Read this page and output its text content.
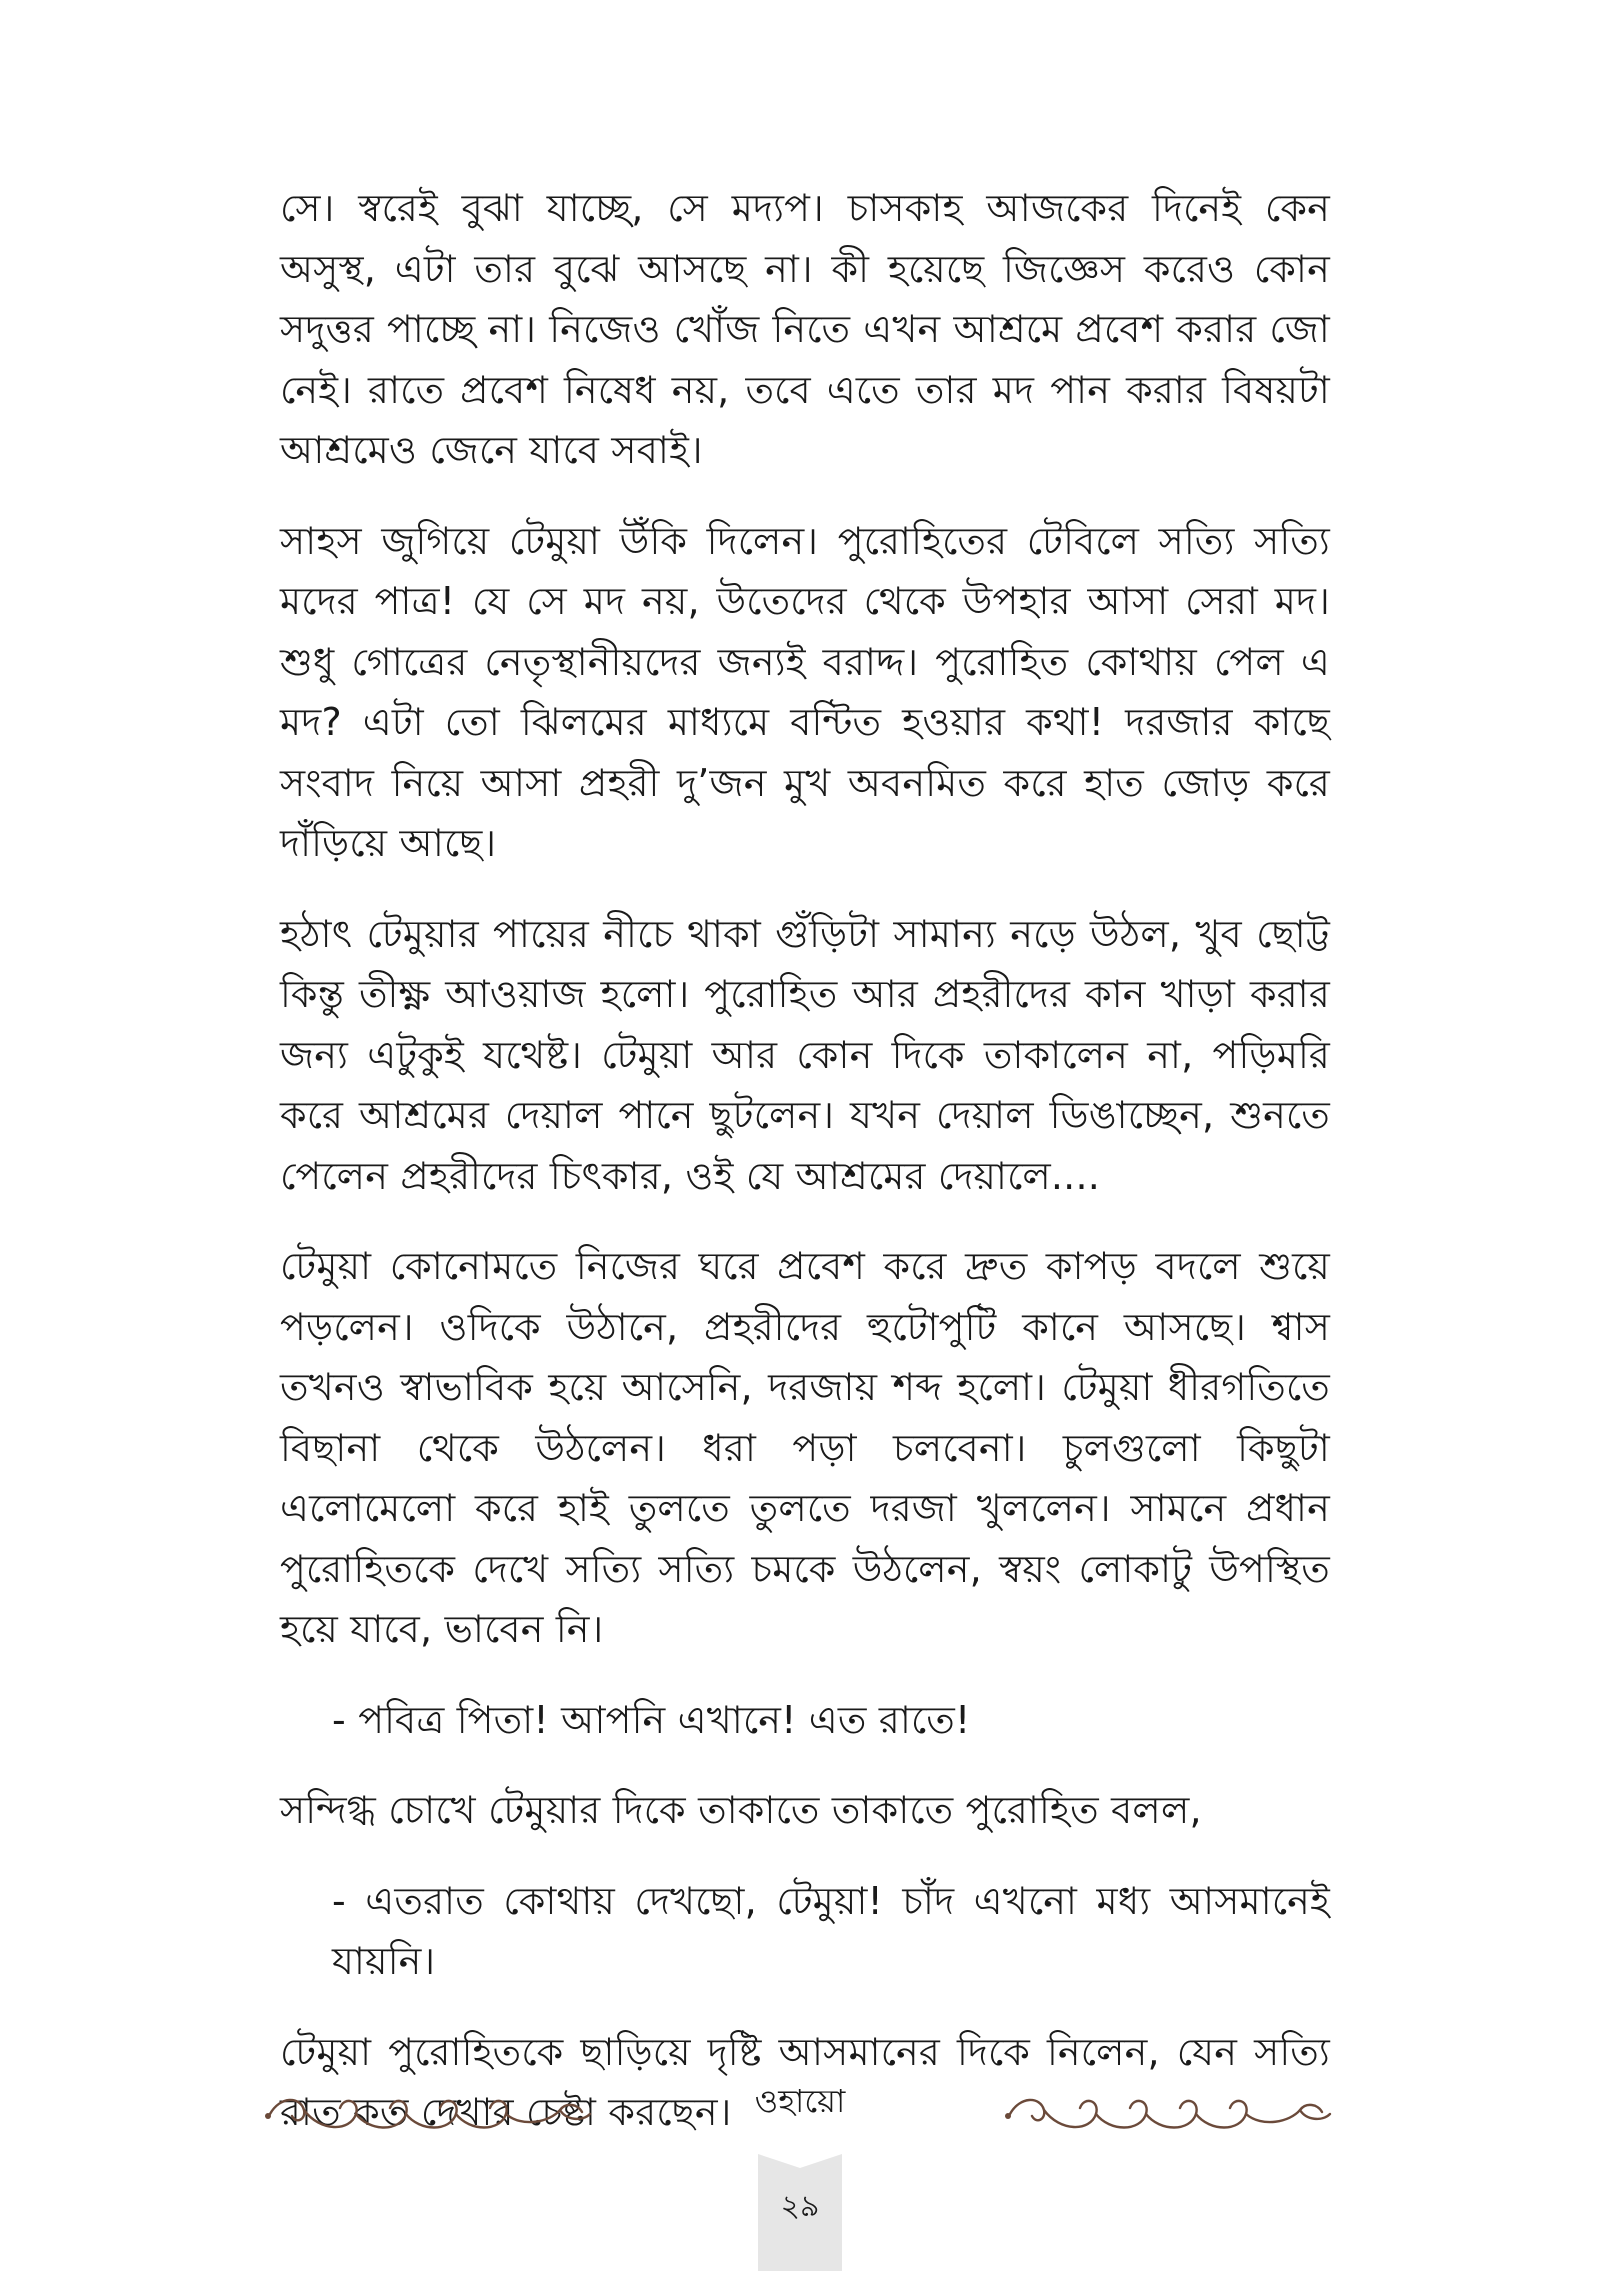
সে। স্বরেই বুঝা যাচ্ছে, সে মদ্যপ। চাসকাহ আজকের দিনেই কেন অসুস্থ, এটা তার বুঝে আসছে না। কী হয়েছে জিজ্ঞেস করেও কোন সদুত্তর পাচ্ছে না। নিজেও খোঁজ নিতে এখন আশ্রমে প্রবেশ করার জো নেই। রাতে প্রবেশ নিষেধ নয়, তবে এতে তার মদ পান করার বিষয়টা আশ্রমেও জেনে যাবে সবাই।

সাহস জুগিয়ে টেমুয়া উঁকি দিলেন। পুরোহিতের টেবিলে সত্যি সত্যি মদের পাত্র! যে সে মদ নয়, উতেদের থেকে উপহার আসা সেরা মদ। শুধু গোত্রের নেতৃস্থানীয়দের জন্যই বরাদ্দ। পুরোহিত কোথায় পেল এ মদ? এটা তো ঝিলমের মাধ্যমে বন্টিত হওয়ার কথা! দরজার কাছে সংবাদ নিয়ে আসা প্রহরী দু’জন মুখ অবনমিত করে হাত জোড় করে দাঁড়িয়ে আছে।

হঠাৎ টেমুয়ার পায়ের নীচে থাকা গুঁড়িটা সামান্য নড়ে উঠল, খুব ছোট্ট কিন্তু তীক্ষ্ণ আওয়াজ হলো। পুরোহিত আর প্রহরীদের কান খাড়া করার জন্য এটুকুই যথেষ্ট। টেমুয়া আর কোন দিকে তাকালেন না, পড়িমরি করে আশ্রমের দেয়াল পানে ছুটলেন। যখন দেয়াল ডিঙাচ্ছেন, শুনতে পেলেন প্রহরীদের চিৎকার, ওই যে আশ্রমের দেয়ালে....

টেমুয়া কোনোমতে নিজের ঘরে প্রবেশ করে দ্রুত কাপড় বদলে শুয়ে পড়লেন। ওদিকে উঠানে, প্রহরীদের হুটোপুটি কানে আসছে। শ্বাস তখনও স্বাভাবিক হয়ে আসেনি, দরজায় শব্দ হলো। টেমুয়া ধীরগতিতে বিছানা থেকে উঠলেন। ধরা পড়া চলবেনা। চুলগুলো কিছুটা এলোমেলো করে হাই তুলতে তুলতে দরজা খুললেন। সামনে প্রধান পুরোহিতকে দেখে সত্যি সত্যি চমকে উঠলেন, স্বয়ং লোকাটু উপস্থিত হয়ে যাবে, ভাবেন নি।

- পবিত্র পিতা! আপনি এখানে! এত রাতে!

সন্দিগ্ধ চোখে টেমুয়ার দিকে তাকাতে তাকাতে পুরোহিত বলল,

- এতরাত কোথায় দেখছো, টেমুয়া! চাঁদ এখনো মধ্য আসমানেই যায়নি।

টেমুয়া পুরোহিতকে ছাড়িয়ে দৃষ্টি আসমানের দিকে নিলেন, যেন সত্যি রাত কত দেখার চেষ্টা করছেন। ওহায়ো
২৯
